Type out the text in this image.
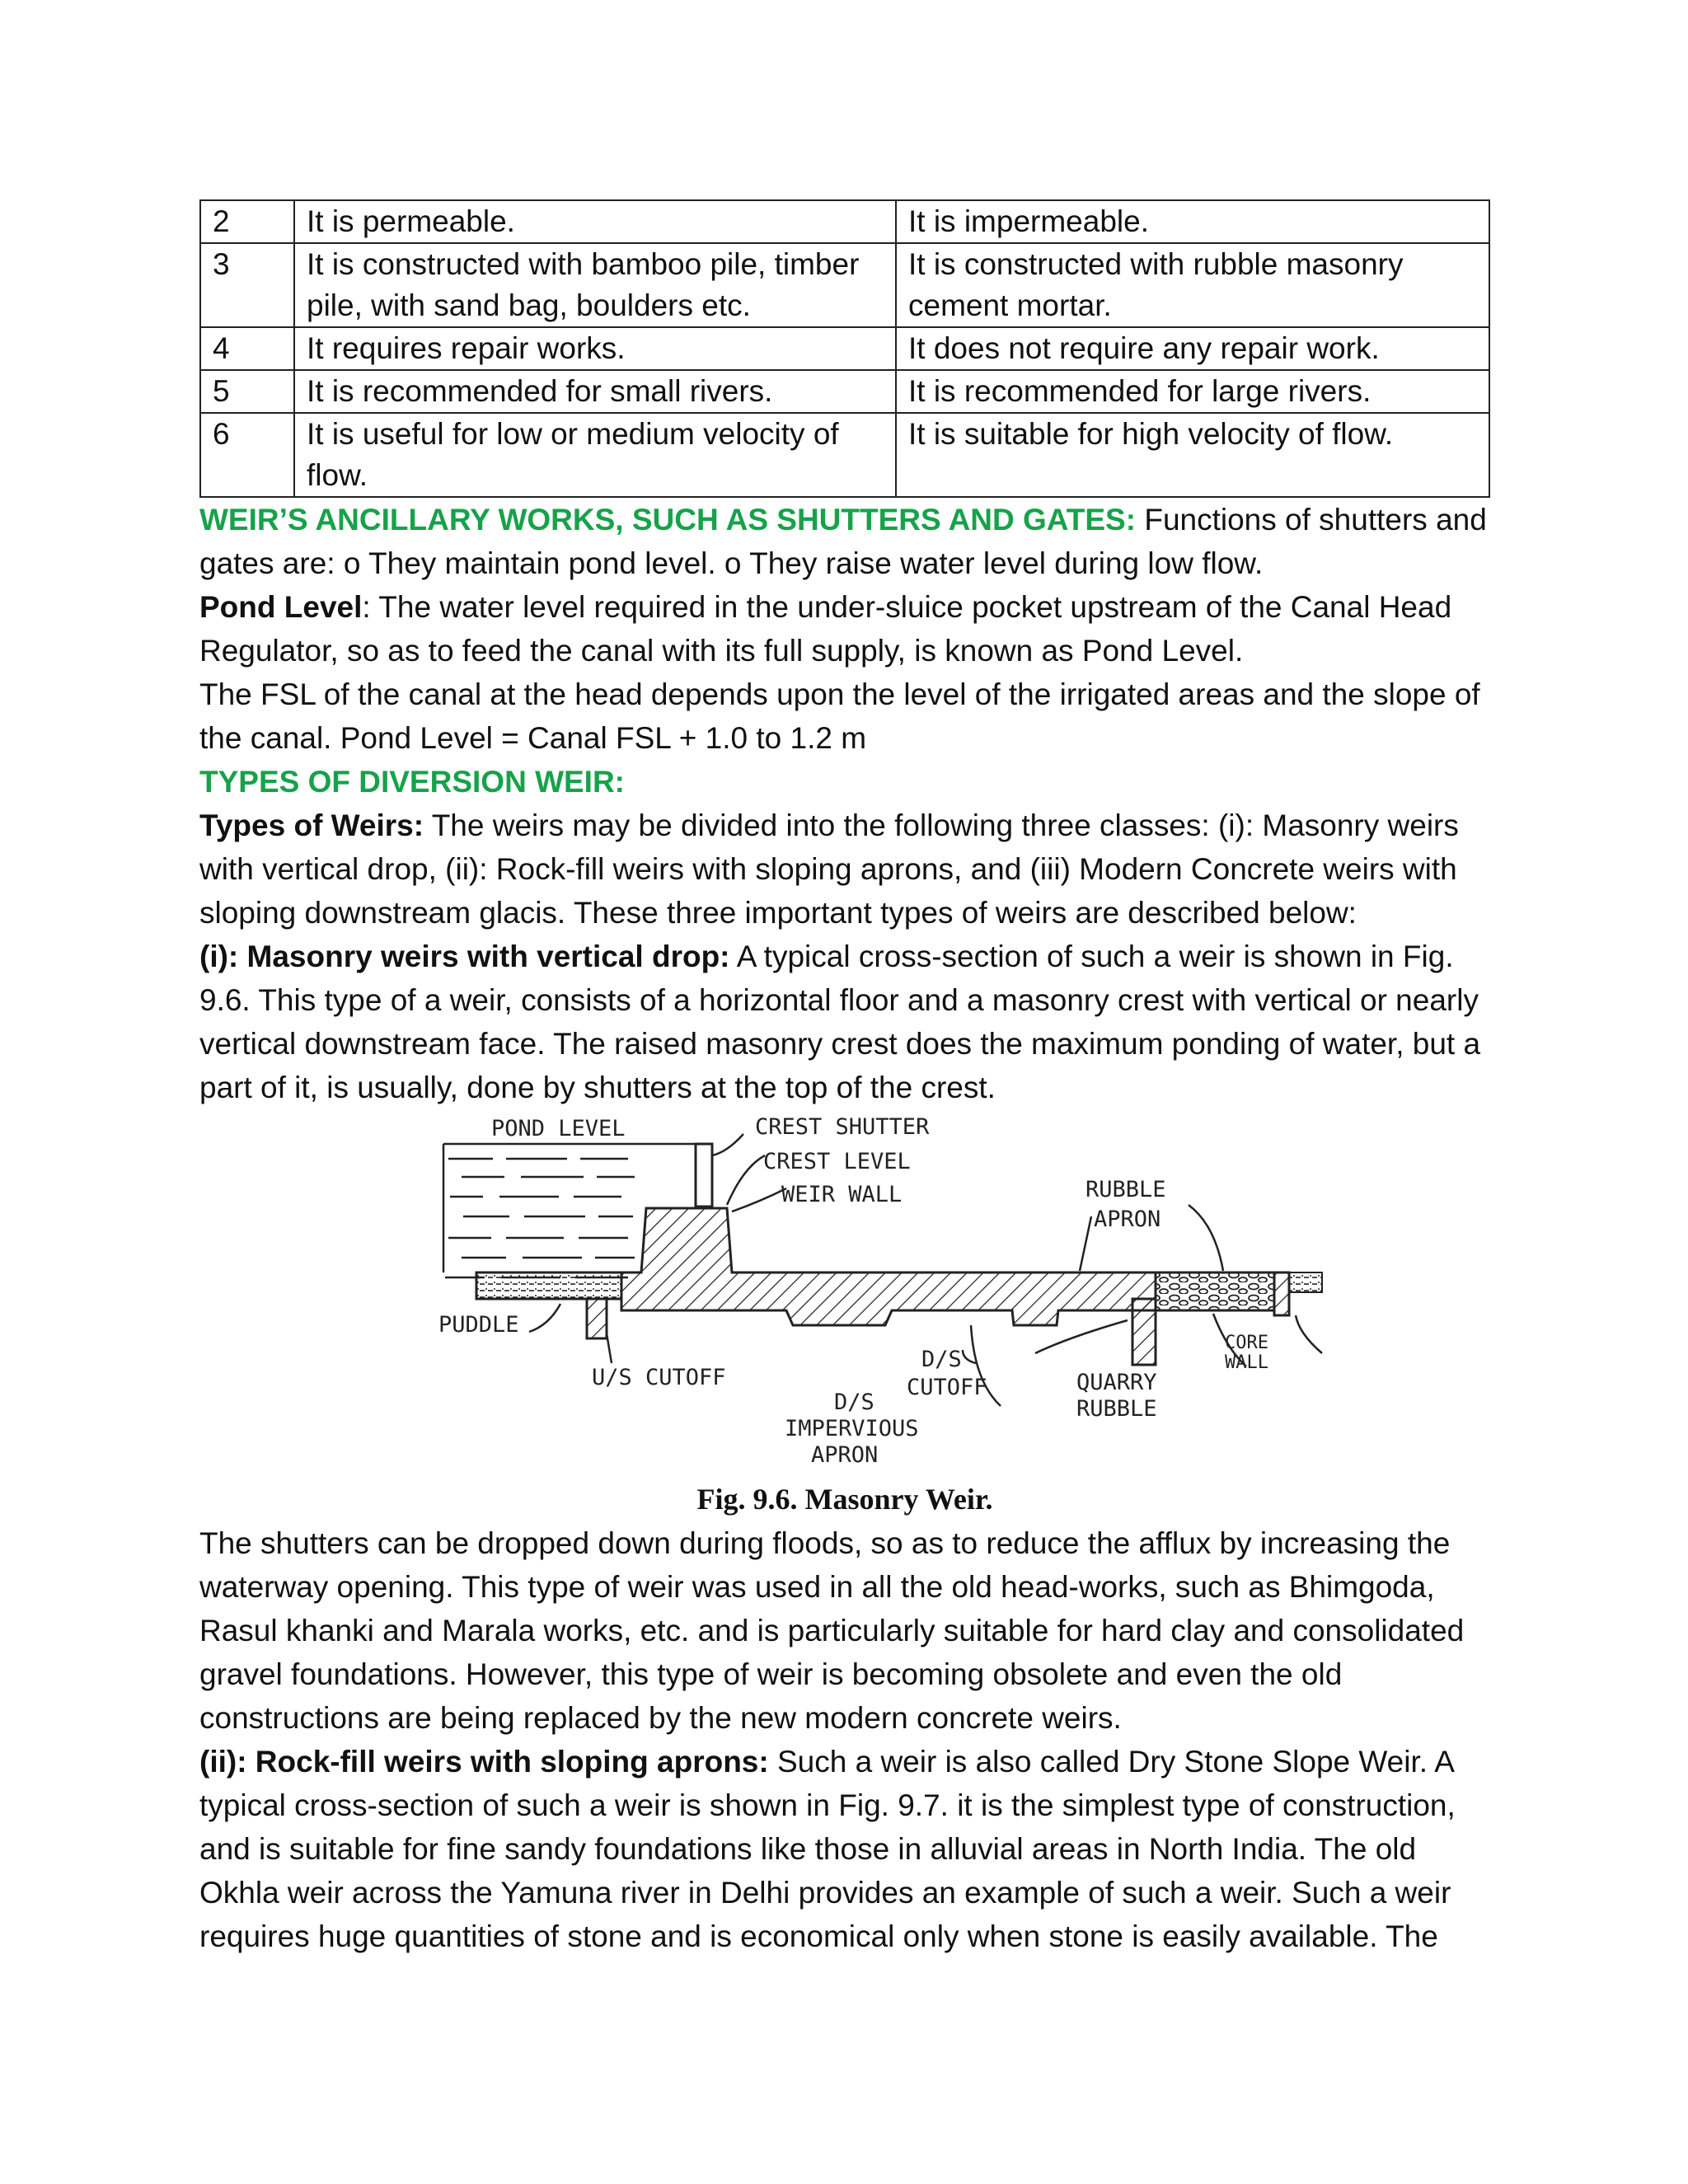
2	It is permeable.	It is impermeable.
3	It is constructed with bamboo pile, timber pile, with sand bag, boulders etc.	It is constructed with rubble masonry cement mortar.
4	It requires repair works.	It does not require any repair work.
5	It is recommended for small rivers.	It is recommended for large rivers.
6	It is useful for low or medium velocity of flow.	It is suitable for high velocity of flow.

WEIR’S ANCILLARY WORKS, SUCH AS SHUTTERS AND GATES: Functions of shutters and gates are: o They maintain pond level. o They raise water level during low flow.

Pond Level: The water level required in the under-sluice pocket upstream of the Canal Head Regulator, so as to feed the canal with its full supply, is known as Pond Level.

The FSL of the canal at the head depends upon the level of the irrigated areas and the slope of the canal. Pond Level = Canal FSL + 1.0 to 1.2 m

TYPES OF DIVERSION WEIR:

Types of Weirs: The weirs may be divided into the following three classes: (i): Masonry weirs with vertical drop, (ii): Rock-fill weirs with sloping aprons, and (iii) Modern Concrete weirs with sloping downstream glacis. These three important types of weirs are described below:

(i): Masonry weirs with vertical drop: A typical cross-section of such a weir is shown in Fig. 9.6. This type of a weir, consists of a horizontal floor and a masonry crest with vertical or nearly vertical downstream face. The raised masonry crest does the maximum ponding of water, but a part of it, is usually, done by shutters at the top of the crest.

POND LEVEL	CREST SHUTTER
CREST LEVEL
WEIR WALL	RUBBLE
APRON
PUDDLE
U/S CUTOFF
D/S
CUTOFF
D/S
IMPERVIOUS
APRON
QUARRY
RUBBLE
CORE
WALL
Fig. 9.6. Masonry Weir.

The shutters can be dropped down during floods, so as to reduce the afflux by increasing the waterway opening. This type of weir was used in all the old head-works, such as Bhimgoda, Rasul khanki and Marala works, etc. and is particularly suitable for hard clay and consolidated gravel foundations. However, this type of weir is becoming obsolete and even the old constructions are being replaced by the new modern concrete weirs.

(ii): Rock-fill weirs with sloping aprons: Such a weir is also called Dry Stone Slope Weir. A typical cross-section of such a weir is shown in Fig. 9.7. it is the simplest type of construction, and is suitable for fine sandy foundations like those in alluvial areas in North India. The old Okhla weir across the Yamuna river in Delhi provides an example of such a weir. Such a weir requires huge quantities of stone and is economical only when stone is easily available. The
